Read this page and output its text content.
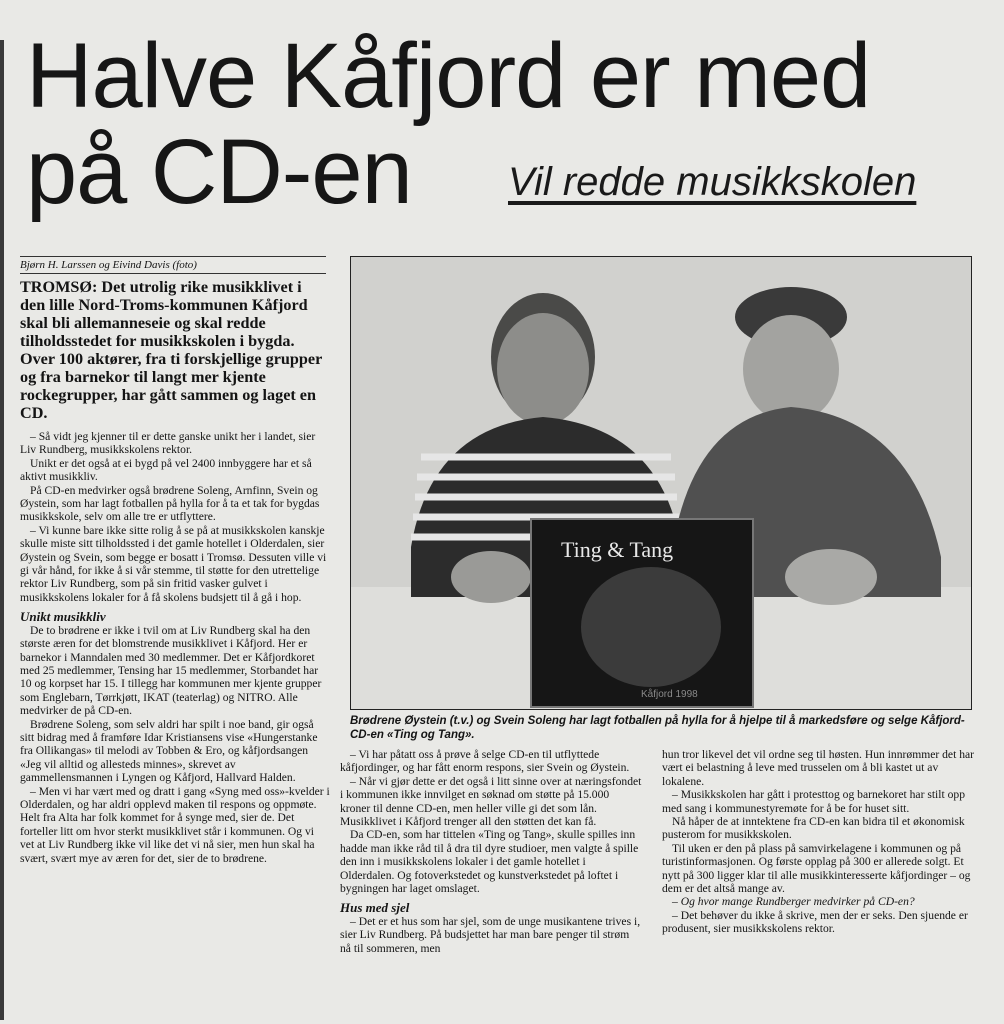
Halve Kåfjord er med
på CD-en	Vil redde musikkskolen
Bjørn H. Larssen og Eivind Davis (foto)

TROMSØ: Det utrolig rike musikklivet i den lille Nord-Troms-kommunen Kåfjord skal bli allemanneseie og skal redde tilholdsstedet for musikkskolen i bygda. Over 100 aktører, fra ti forskjellige grupper og fra barnekor til langt mer kjente rockegrupper, har gått sammen og laget en CD.

– Så vidt jeg kjenner til er dette ganske unikt her i landet, sier Liv Rundberg, musikkskolens rektor.

Unikt er det også at ei bygd på vel 2400 innbyggere har et så aktivt musikkliv.

På CD-en medvirker også brødrene Soleng, Arnfinn, Svein og Øystein, som har lagt fotballen på hylla for å ta et tak for bygdas musikkskole, selv om alle tre er utflyttere.

– Vi kunne bare ikke sitte rolig å se på at musikkskolen kanskje skulle miste sitt tilholdssted i det gamle hotellet i Olderdalen, sier Øystein og Svein, som begge er bosatt i Tromsø. Dessuten ville vi gi vår hånd, for ikke å si vår stemme, til støtte for den utrettelige rektor Liv Rundberg, som på sin fritid vasker gulvet i musikkskolens lokaler for å få skolens budsjett til å gå i hop.

Unikt musikkliv

De to brødrene er ikke i tvil om at Liv Rundberg skal ha den største æren for det blomstrende musikklivet i Kåfjord. Her er barnekor i Manndalen med 30 medlemmer. Det er Kåfjordkoret med 25 medlemmer, Tensing har 15 medlemmer, Storbandet har 10 og korpset har 15. I tillegg har kommunen mer kjente grupper som Englebarn, Tørrkjøtt, IKAT (teaterlag) og NITRO. Alle medvirker de på CD-en.

Brødrene Soleng, som selv aldri har spilt i noe band, gir også sitt bidrag med å framføre Idar Kristiansens vise «Hungerstanke fra Ollikangas» til melodi av Tobben & Ero, og kåfjordsangen «Jeg vil alltid og allesteds minnes», skrevet av gammellensmannen i Lyngen og Kåfjord, Hallvard Halden.

– Men vi har vært med og dratt i gang «Syng med oss»-kvelder i Olderdalen, og har aldri opplevd maken til respons og oppmøte. Helt fra Alta har folk kommet for å synge med, sier de. Det forteller litt om hvor sterkt musikklivet står i kommunen. Og vi vet at Liv Rundberg ikke vil like det vi nå sier, men hun skal ha svært, svært mye av æren for det, sier de to brødrene.

Ting & Tang
Kåfjord 1998
Brødrene Øystein (t.v.) og Svein Soleng har lagt fotballen på hylla for å hjelpe til å markedsføre og selge Kåfjord-CD-en «Ting og Tang».

– Vi har påtatt oss å prøve å selge CD-en til utflyttede kåfjordinger, og har fått enorm respons, sier Svein og Øystein.

– Når vi gjør dette er det også i litt sinne over at næringsfondet i kommunen ikke innvilget en søknad om støtte på 15.000 kroner til denne CD-en, men heller ville gi det som lån. Musikklivet i Kåfjord trenger all den støtten det kan få.

Da CD-en, som har tittelen «Ting og Tang», skulle spilles inn hadde man ikke råd til å dra til dyre studioer, men valgte å spille den inn i musikkskolens lokaler i det gamle hotellet i Olderdalen. Og fotoverkstedet og kunstverkstedet på loftet i bygningen har laget omslaget.

Hus med sjel

– Det er et hus som har sjel, som de unge musikantene trives i, sier Liv Rundberg. På budsjettet har man bare penger til strøm nå til sommeren, men

hun tror likevel det vil ordne seg til høsten. Hun innrømmer det har vært ei belastning å leve med trusselen om å bli kastet ut av lokalene.

– Musikkskolen har gått i protesttog og barnekoret har stilt opp med sang i kommunestyremøte for å be for huset sitt.

Nå håper de at inntektene fra CD-en kan bidra til et økonomisk pusterom for musikkskolen.

Til uken er den på plass på samvirkelagene i kommunen og på turistinformasjonen. Og første opplag på 300 er allerede solgt. Et nytt på 300 ligger klar til alle musikkinteresserte kåfjordinger – og dem er det altså mange av.

– Og hvor mange Rundberger medvirker på CD-en?

– Det behøver du ikke å skrive, men der er seks. Den sjuende er produsent, sier musikkskolens rektor.
